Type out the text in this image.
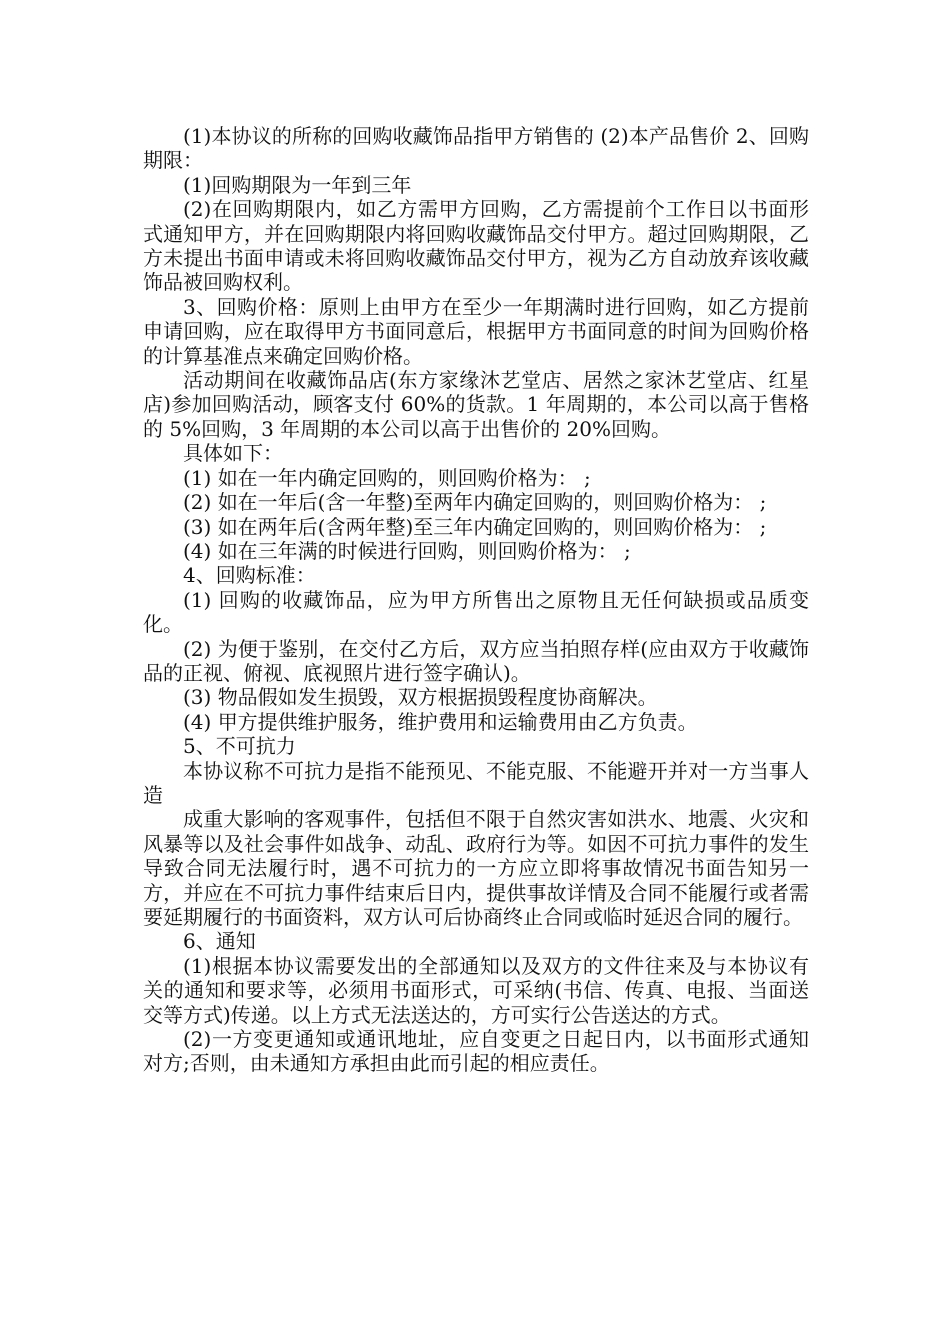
(1)本协议的所称的回购收藏饰品指甲方销售的 (2)本产品售价 2、回购期限：

(1)回购期限为一年到三年

(2)在回购期限内，如乙方需甲方回购，乙方需提前个工作日以书面形式通知甲方，并在回购期限内将回购收藏饰品交付甲方。超过回购期限，乙方未提出书面申请或未将回购收藏饰品交付甲方，视为乙方自动放弃该收藏饰品被回购权利。

3、回购价格：原则上由甲方在至少一年期满时进行回购，如乙方提前申请回购，应在取得甲方书面同意后，根据甲方书面同意的时间为回购价格的计算基准点来确定回购价格。

活动期间在收藏饰品店(东方家缘沐艺堂店、居然之家沐艺堂店、红星店)参加回购活动，顾客支付 60%的货款。1 年周期的，本公司以高于售格的 5%回购，3 年周期的本公司以高于出售价的 20%回购。

具体如下：

(1) 如在一年内确定回购的，则回购价格为： ;

(2) 如在一年后(含一年整)至两年内确定回购的，则回购价格为： ;

(3) 如在两年后(含两年整)至三年内确定回购的，则回购价格为： ;

(4) 如在三年满的时候进行回购，则回购价格为： ;

4、回购标准：

(1) 回购的收藏饰品，应为甲方所售出之原物且无任何缺损或品质变化。

(2) 为便于鉴别，在交付乙方后，双方应当拍照存样(应由双方于收藏饰品的正视、俯视、底视照片进行签字确认)。

(3) 物品假如发生损毁，双方根据损毁程度协商解决。

(4) 甲方提供维护服务，维护费用和运输费用由乙方负责。

5、不可抗力

本协议称不可抗力是指不能预见、不能克服、不能避开并对一方当事人造

成重大影响的客观事件，包括但不限于自然灾害如洪水、地震、火灾和风暴等以及社会事件如战争、动乱、政府行为等。如因不可抗力事件的发生导致合同无法履行时，遇不可抗力的一方应立即将事故情况书面告知另一方，并应在不可抗力事件结束后日内，提供事故详情及合同不能履行或者需要延期履行的书面资料，双方认可后协商终止合同或临时延迟合同的履行。

6、通知

(1)根据本协议需要发出的全部通知以及双方的文件往来及与本协议有关的通知和要求等，必须用书面形式，可采纳(书信、传真、电报、当面送交等方式)传递。以上方式无法送达的，方可实行公告送达的方式。

(2)一方变更通知或通讯地址，应自变更之日起日内，以书面形式通知对方;否则，由未通知方承担由此而引起的相应责任。
